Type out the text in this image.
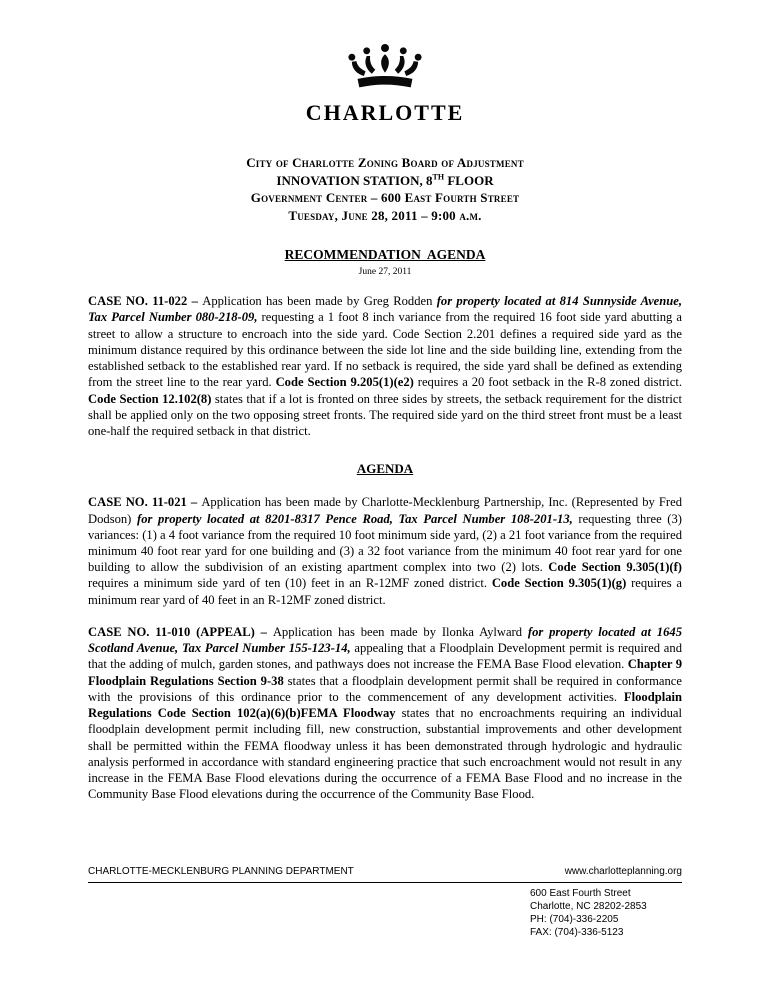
CHARLOTTE
City of Charlotte Zoning Board of Adjustment
INNOVATION STATION, 8TH FLOOR
Government Center – 600 East Fourth Street
Tuesday, June 28, 2011 – 9:00 a.m.
RECOMMENDATION  AGENDA
June 27, 2011

CASE NO. 11-022 – Application has been made by Greg Rodden for property located at 814 Sunnyside Avenue, Tax Parcel Number 080-218-09, requesting a 1 foot 8 inch variance from the required 16 foot side yard abutting a street to allow a structure to encroach into the side yard. Code Section 2.201 defines a required side yard as the minimum distance required by this ordinance between the side lot line and the side building line, extending from the established setback to the established rear yard. If no setback is required, the side yard shall be defined as extending from the street line to the rear yard. Code Section 9.205(1)(e2) requires a 20 foot setback in the R-8 zoned district. Code Section 12.102(8) states that if a lot is fronted on three sides by streets, the setback requirement for the district shall be applied only on the two opposing street fronts. The required side yard on the third street front must be a least one-half the required setback in that district.

AGENDA

CASE NO. 11-021 – Application has been made by Charlotte-Mecklenburg Partnership, Inc. (Represented by Fred Dodson) for property located at 8201-8317 Pence Road, Tax Parcel Number 108-201-13, requesting three (3) variances: (1) a 4 foot variance from the required 10 foot minimum side yard, (2) a 21 foot variance from the required minimum 40 foot rear yard for one building and (3) a 32 foot variance from the minimum 40 foot rear yard for one building to allow the subdivision of an existing apartment complex into two (2) lots. Code Section 9.305(1)(f) requires a minimum side yard of ten (10) feet in an R-12MF zoned district. Code Section 9.305(1)(g) requires a minimum rear yard of 40 feet in an R-12MF zoned district.

CASE NO. 11-010 (APPEAL) – Application has been made by Ilonka Aylward for property located at 1645 Scotland Avenue, Tax Parcel Number 155-123-14, appealing that a Floodplain Development permit is required and that the adding of mulch, garden stones, and pathways does not increase the FEMA Base Flood elevation. Chapter 9 Floodplain Regulations Section 9-38 states that a floodplain development permit shall be required in conformance with the provisions of this ordinance prior to the commencement of any development activities. Floodplain Regulations Code Section 102(a)(6)(b)FEMA Floodway states that no encroachments requiring an individual floodplain development permit including fill, new construction, substantial improvements and other development shall be permitted within the FEMA floodway unless it has been demonstrated through hydrologic and hydraulic analysis performed in accordance with standard engineering practice that such encroachment would not result in any increase in the FEMA Base Flood elevations during the occurrence of a FEMA Base Flood and no increase in the Community Base Flood elevations during the occurrence of the Community Base Flood.

CHARLOTTE-MECKLENBURG PLANNING DEPARTMENT	www.charlotteplanning.org
600 East Fourth Street
Charlotte, NC 28202-2853
PH: (704)-336-2205
FAX: (704)-336-5123
